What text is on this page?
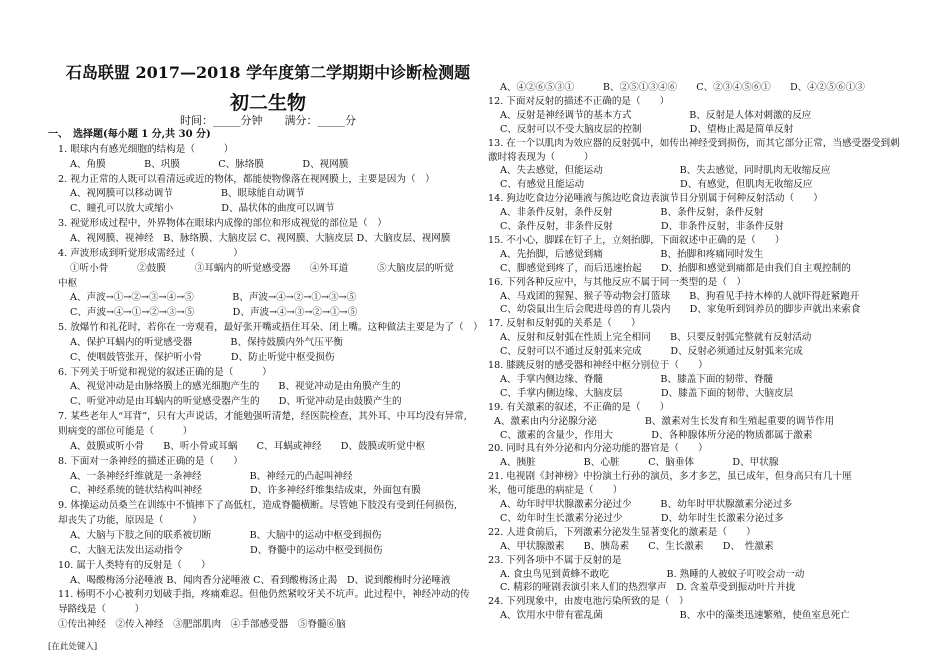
石岛联盟 2017—2018 学年度第二学期期中诊断检测题
初二生物
时间：_____分钟　　满分：_____分
一、　选择题(每小题 1 分,共 30 分)
1. 眼球内有感光细胞的结构是（　　　）
A、角膜　　　　B、巩膜　　　　C、脉络膜　　　　D、视网膜
2. 视力正常的人既可以看清远或近的物体，都能使物像落在视网膜上，主要是因为（　）
A、视网膜可以移动调节　　　　　B、眼球能自动调节
C、瞳孔可以放大或缩小　　　　　D、晶状体的曲度可以调节
3. 视觉形成过程中，外界物体在眼球内成像的部位和形成视觉的部位是（　）
A、视网膜、视神经　B、脉络膜、大脑皮层 C、视网膜、大脑皮层 D、大脑皮层、视网膜
4. 声波形成到听觉形成需经过（　　　　）
①听小骨　　　②鼓膜　　　③耳蜗内的听觉感受器　　④外耳道　　　⑤大脑皮层的听觉
中枢
A、声波→①→②→③→④→⑤　　　　B、声波→④→②→①→③→⑤
C、声波→④→①→②→③→⑤　　　　D、声波→④→③→②→①→⑤
5. 放爆竹和礼花时，若你在一旁观看，最好张开嘴或捂住耳朵、闭上嘴。这种做法主要是为了（　）
A、保护耳蜗内的听觉感受器　　　　B、保持鼓膜内外气压平衡
C、使咽鼓管张开，保护听小骨　　　D、防止听觉中枢受损伤
6. 下列关于听觉和视觉的叙述正确的是（　　　）
A、视觉冲动是由脉络膜上的感光细胞产生的　　B、视觉冲动是由角膜产生的
C、听觉冲动是由耳蜗内的听觉感受器产生的　　D、听觉冲动是由鼓膜产生的
7. 某些老年人“耳背”，只有大声说话，才能勉强听清楚，经医院检查，其外耳、中耳均没有异常,
则病变的部位可能是（　　　）
A、鼓膜或听小骨　　B、听小骨或耳蜗　　C、耳蜗或神经　　D、鼓膜或听觉中枢
8. 下面对一条神经的描述正确的是（　　）
A、一条神经纤维就是一条神经　　　　　B、神经元的凸起叫神经
C、神经系统的链状结构叫神经　　　　　D、许多神经纤维集结成束，外面包有膜
9. 体操运动员桑兰在训练中不慎摔下了高低杠，造成脊髓横断。尽管她下肢没有受到任何损伤,
却丧失了功能，原因是（　　　）
A、大脑与下肢之间的联系被切断　　　　B、大脑中的运动中枢受到损伤
C、大脑无法发出运动指令　　　　　　　D、脊髓中的运动中枢受到损伤
10. 属于人类特有的反射是（　　）
A、喝酸梅汤分泌唾液 B、闻肉香分泌唾液 C、看到酸梅汤止渴　D、说到酸梅时分泌唾液
11. 杨明不小心被利刃划破手指，疼痛难忍。但他仍然紧咬牙关不坑声。此过程中，神经冲动的传
导路线是（　　　）
①传出神经　②传入神经　③肥部肌肉　④手部感受器　⑤脊髓⑥脑
A、④②⑥⑤③①　　　B、②⑤①③④⑥　　C、②③④⑤⑥①　　D、④②⑤⑥①③
12. 下面对反射的描述不正确的是（　　）
A、反射是神经调节的基本方式　　　　　　B、反射是人体对刺激的反应
C、反射可以不受大脑皮层的控制　　　　　D、望梅止渴是简单反射
13. 在一个以肌肉为效应器的反射弧中，如传出神经受到损伤，而其它部分正常，当感受器受到刺
激时将表现为（　　　）
A、失去感觉，但能运动　　　　　　　　B、失去感觉，同时肌肉无收缩反应
C、有感觉且能运动　　　　　　　　　　D、有感觉，但肌肉无收缩反应
14. 狗边吃食边分泌唾液与熊边吃食边表演节目分别属于何种反射活动（　　）
A、非条件反射，条件反射　　　　　B、条件反射，条件反射
C、条件反射，非条件反射　　　　　D、非条件反射，非条件反射
15. 不小心，脚踩在钉子上，立刻抬脚，下面叙述中正确的是（　　）
A、先抬脚，后感觉到痛　　　　　　B、抬脚和疼痛同时发生
C、脚感觉到疼了，而后迅速抬起　　D、抬脚和感觉到痛都是由我们自主观控制的
16. 下列各种反应中，与其他反应不属于同一类型的是（　）
A、马戏团的猩猩、猴子等动物会打篮球　　B、狗看见手持木棒的人就吓得赶紧跑开
C、幼袋鼠出生后会爬进母兽的育儿袋内　　D、家兔听到饲养员的脚步声就出来索食
17. 反射和反射弧的关系是（　　）
A、反射和反射弧在性质上完全相同　　B、只要反射弧完整就有反射活动
C、反射可以不通过反射弧来完成　　　D、反射必须通过反射弧来完成
18. 膝跳反射的感受器和神经中枢分别位于（　　）
A、手掌内侧边缘、脊髓　　　　　　B、膝盖下面的韧带、脊髓
C、手掌内侧边缘、大脑皮层　　　　D、膝盖下面的韧带、大脑皮层
19. 有关激素的叙述，不正确的是（　　）
A、激素由内分泌腺分泌　　　　　B、激素对生长发育和生殖起重要的调节作用
C、激素的含量少，作用大　　　　D、各种腺体所分泌的物质都属于激素
20. 同时具有外分泌和内分泌功能的器官是（　　）
A、胰脏　　　　　B、心脏　　　C、脑垂体　　　　D、甲状腺
21. 电视剧《封神榜》中扮演土行孙的演员，多才多艺，虽已成年，但身高只有几十厘
米，他可能患的病症是（　　）
A、幼年时甲状腺激素分泌过少　　　B、幼年时甲状腺激素分泌过多
C、幼年时生长激素分泌过少　　　　D、幼年时生长激素分泌过多
22. 人进食前后，下列激素分泌发生显著变化的激素是（　　）
A、甲状腺激素　　B、胰岛素　　C、生长激素　　D、　性激素
23. 下列各项中不属于反射的是
A. 食虫鸟见到黄蜂不敢吃　　　　　　B. 熟睡的人被蚊子叮咬会动一动
C. 精彩的哑剧表演引来人们的热烈掌声　D. 含羞草受到振动叶片并拢
24. 下列现象中，由废电池污染所致的是（　）
A、饮用水中带有霍乱菌　　　　　　　　B、水中的藻类迅速繁殖，使鱼室息死亡
[在此处键入]
